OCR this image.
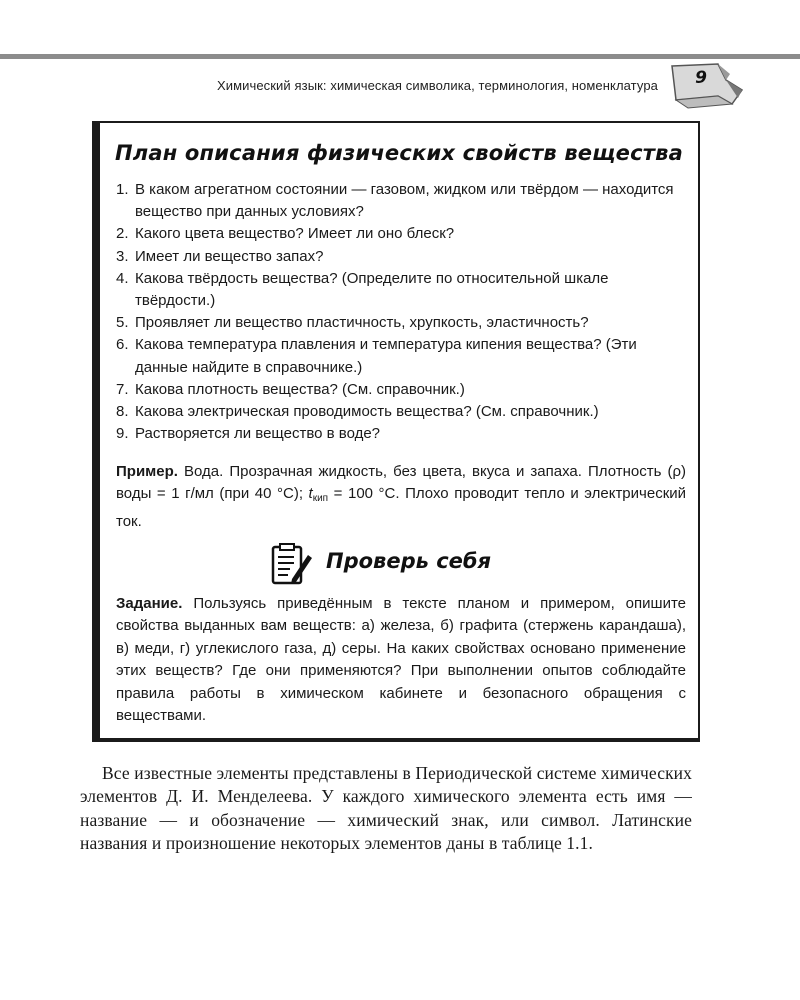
Химический язык: химическая символика, терминология, номенклатура	9
План описания физических свойств вещества
1. В каком агрегатном состоянии — газовом, жидком или твёрдом — находится вещество при данных условиях?
2. Какого цвета вещество? Имеет ли оно блеск?
3. Имеет ли вещество запах?
4. Какова твёрдость вещества? (Определите по относительной шкале твёрдости.)
5. Проявляет ли вещество пластичность, хрупкость, эластичность?
6. Какова температура плавления и температура кипения вещества? (Эти данные найдите в справочнике.)
7. Какова плотность вещества? (См. справочник.)
8. Какова электрическая проводимость вещества? (См. справочник.)
9. Растворяется ли вещество в воде?
Пример. Вода. Прозрачная жидкость, без цвета, вкуса и запаха. Плотность (ρ) воды = 1 г/мл (при 40 °С); $t_{кип} = 100$ °С. Плохо проводит тепло и электрический ток.
Проверь себя
Задание. Пользуясь приведённым в тексте планом и примером, опишите свойства выданных вам веществ: а) железа, б) графита (стержень карандаша), в) меди, г) углекислого газа, д) серы. На каких свойствах основано применение этих веществ? Где они применяются? При выполнении опытов соблюдайте правила работы в химическом кабинете и безопасного обращения с веществами.
Все известные элементы представлены в Периодической системе химических элементов Д. И. Менделеева. У каждого химического элемента есть имя — название — и обозначение — химический знак, или символ. Латинские названия и произношение некоторых элементов даны в таблице 1.1.
